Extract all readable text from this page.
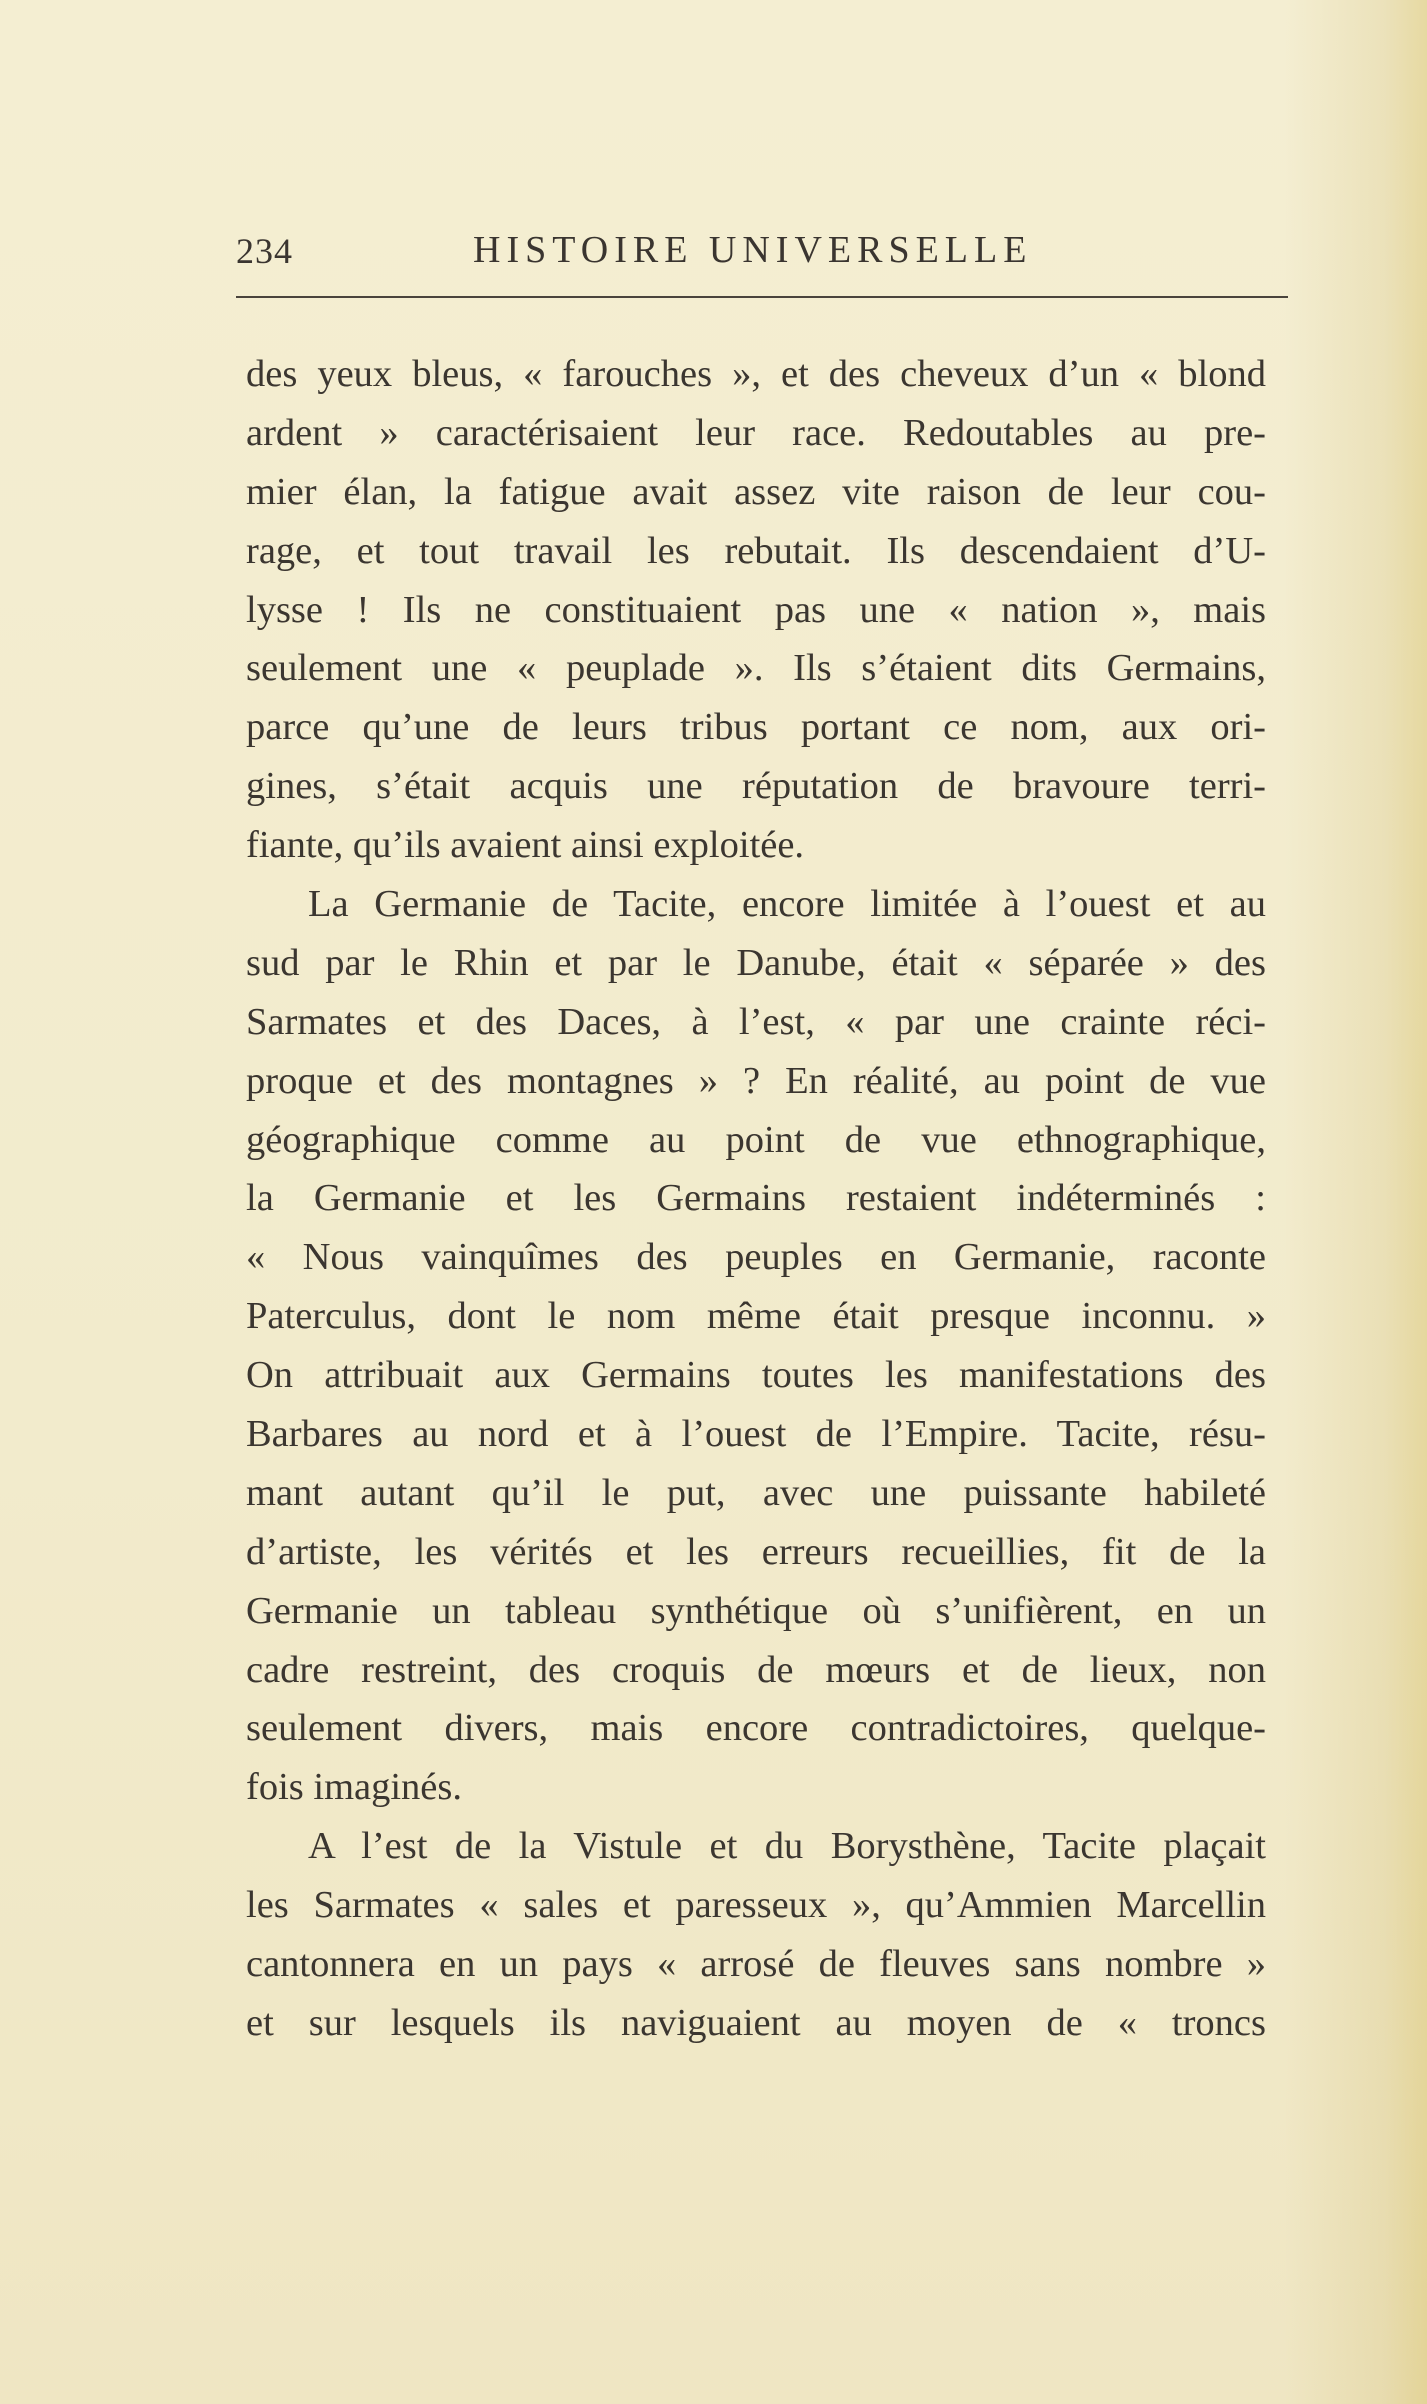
234	HISTOIRE UNIVERSELLE
des yeux bleus, « farouches », et des cheveux d’un « blond
ardent » caractérisaient leur race. Redoutables au pre-
mier élan, la fatigue avait assez vite raison de leur cou-
rage, et tout travail les rebutait. Ils descendaient d’U-
lysse ! Ils ne constituaient pas une « nation », mais
seulement une « peuplade ». Ils s’étaient dits Germains,
parce qu’une de leurs tribus portant ce nom, aux ori-
gines, s’était acquis une réputation de bravoure terri-
fiante, qu’ils avaient ainsi exploitée.
La Germanie de Tacite, encore limitée à l’ouest et au
sud par le Rhin et par le Danube, était « séparée » des
Sarmates et des Daces, à l’est, « par une crainte réci-
proque et des montagnes » ? En réalité, au point de vue
géographique comme au point de vue ethnographique,
la Germanie et les Germains restaient indéterminés :
« Nous vainquîmes des peuples en Germanie, raconte
Paterculus, dont le nom même était presque inconnu. »
On attribuait aux Germains toutes les manifestations des
Barbares au nord et à l’ouest de l’Empire. Tacite, résu-
mant autant qu’il le put, avec une puissante habileté
d’artiste, les vérités et les erreurs recueillies, fit de la
Germanie un tableau synthétique où s’unifièrent, en un
cadre restreint, des croquis de mœurs et de lieux, non
seulement divers, mais encore contradictoires, quelque-
fois imaginés.
A l’est de la Vistule et du Borysthène, Tacite plaçait
les Sarmates « sales et paresseux », qu’Ammien Marcellin
cantonnera en un pays « arrosé de fleuves sans nombre »
et sur lesquels ils naviguaient au moyen de « troncs
